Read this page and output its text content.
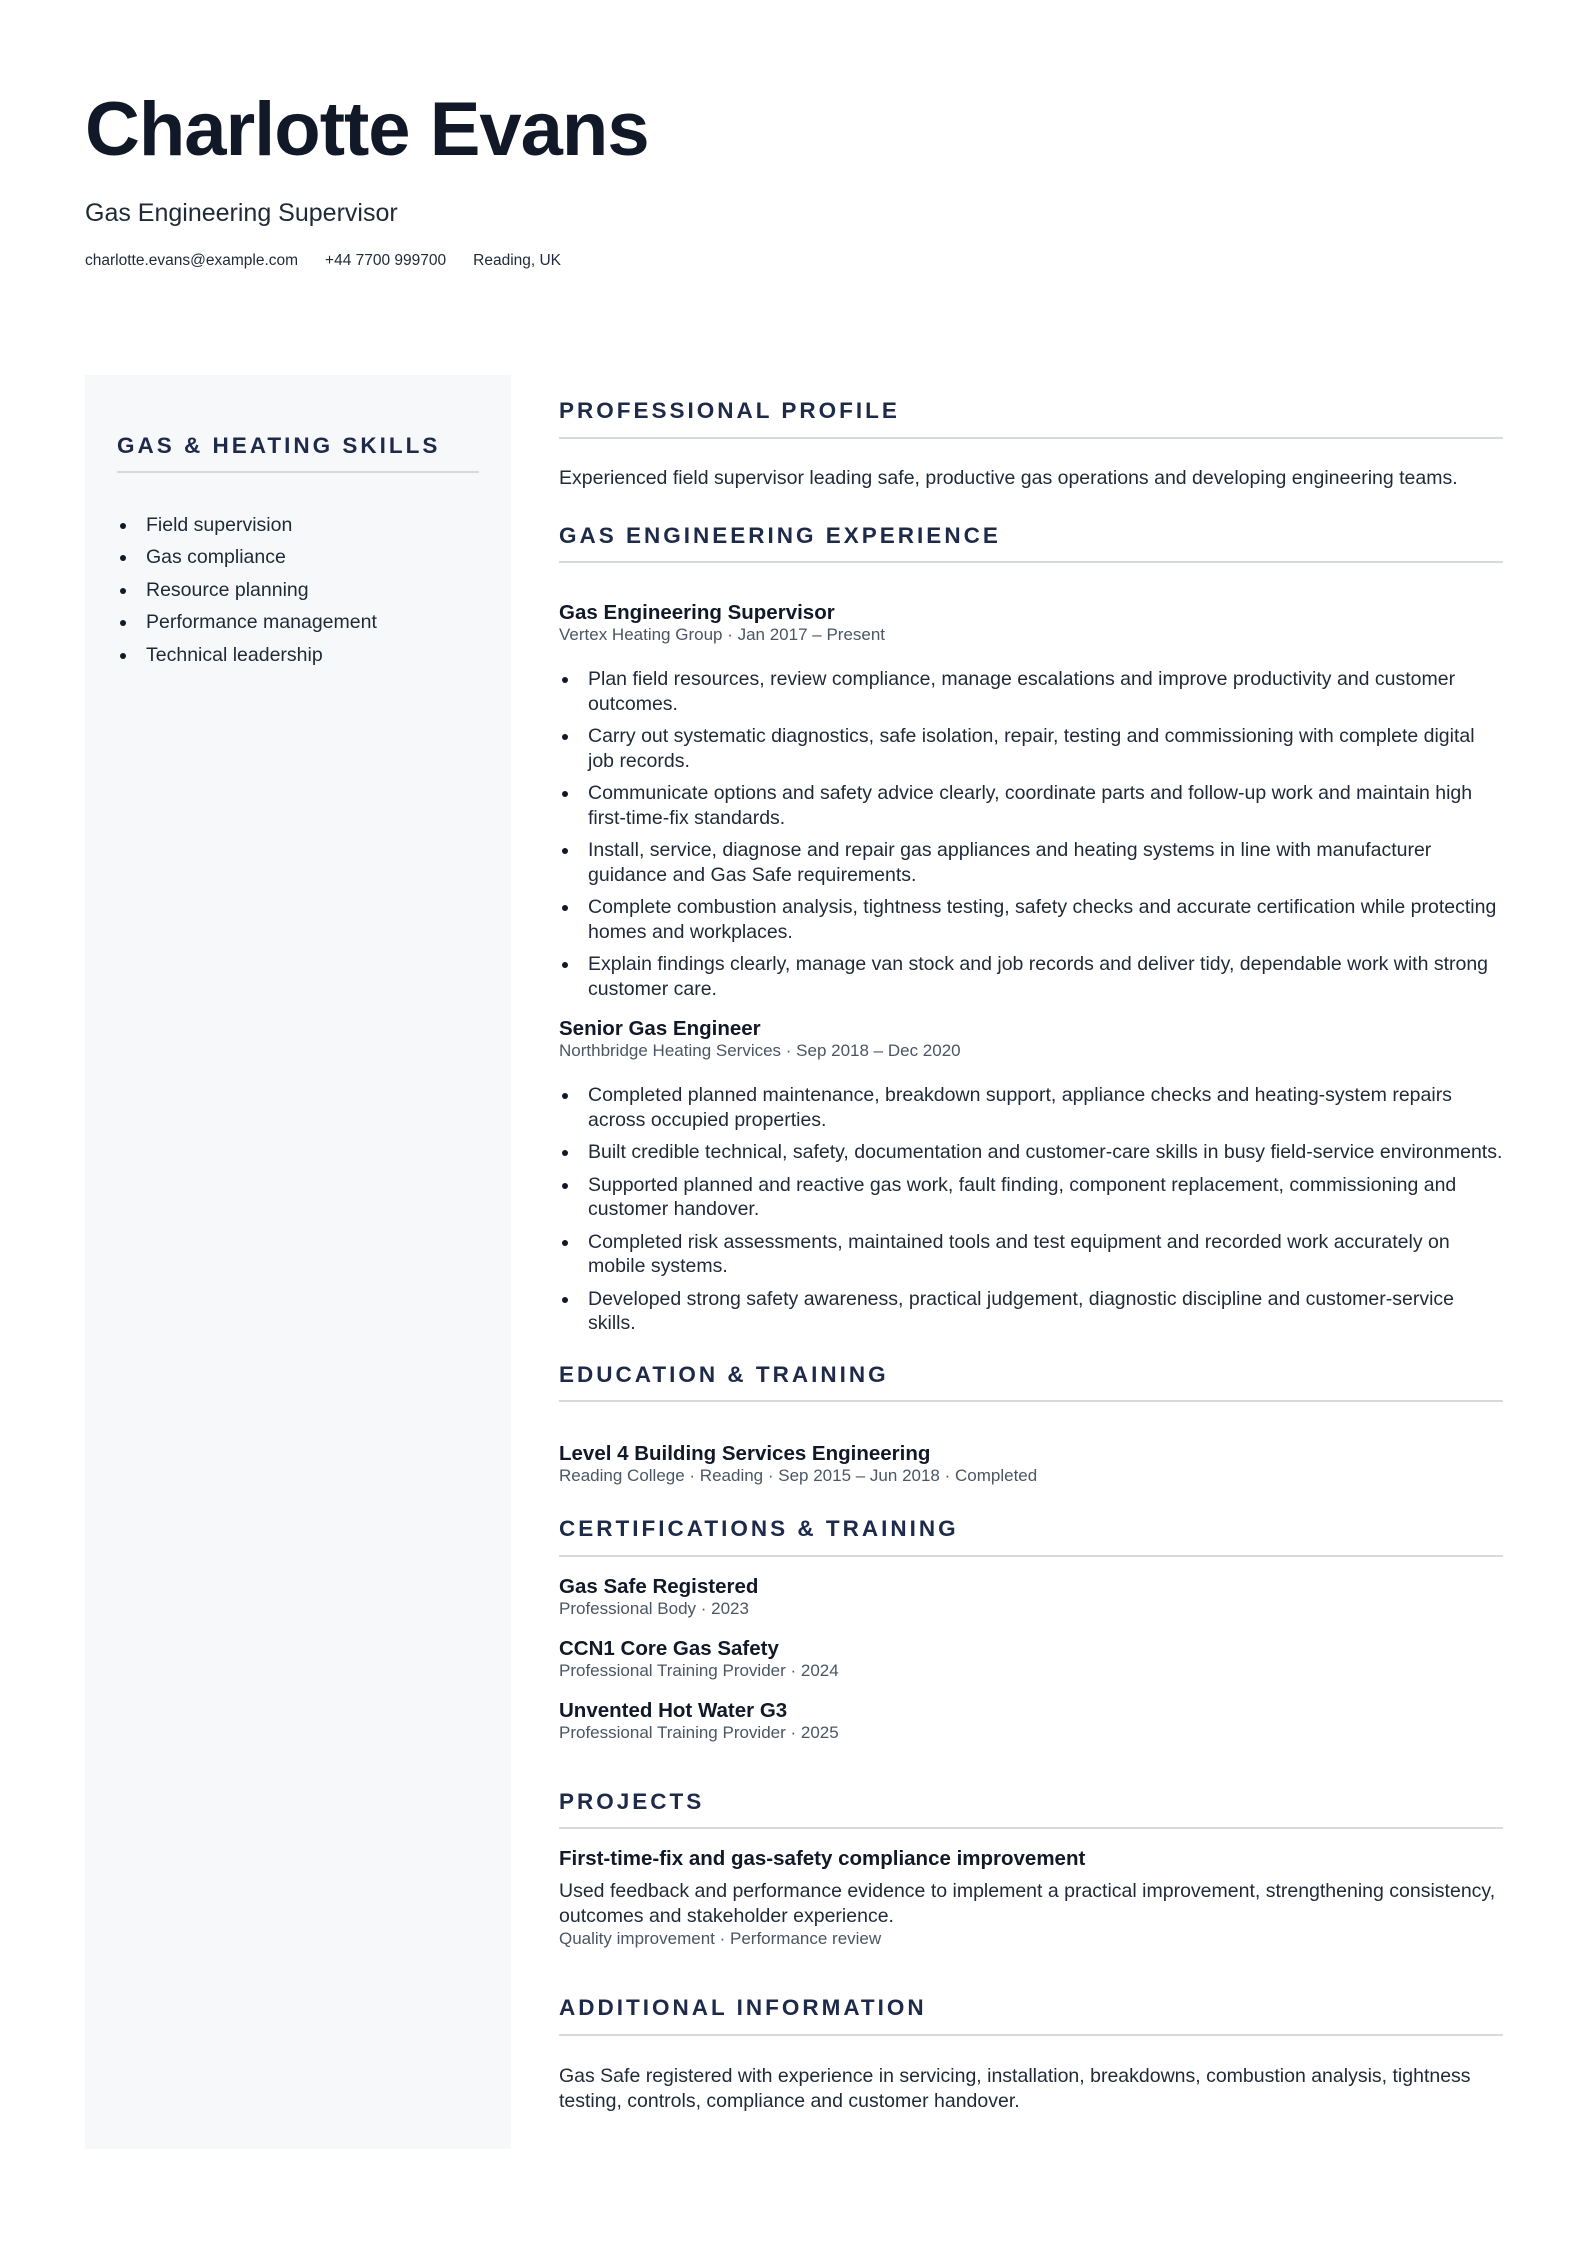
Charlotte Evans
Gas Engineering Supervisor
charlotte.evans@example.com +44 7700 999700 Reading, UK
GAS & HEATING SKILLS
Field supervision
Gas compliance
Resource planning
Performance management
Technical leadership
PROFESSIONAL PROFILE
Experienced field supervisor leading safe, productive gas operations and developing engineering teams.
GAS ENGINEERING EXPERIENCE
Gas Engineering Supervisor
Vertex Heating Group · Jan 2017 – Present
Plan field resources, review compliance, manage escalations and improve productivity and customer outcomes.
Carry out systematic diagnostics, safe isolation, repair, testing and commissioning with complete digital job records.
Communicate options and safety advice clearly, coordinate parts and follow-up work and maintain high first-time-fix standards.
Install, service, diagnose and repair gas appliances and heating systems in line with manufacturer guidance and Gas Safe requirements.
Complete combustion analysis, tightness testing, safety checks and accurate certification while protecting homes and workplaces.
Explain findings clearly, manage van stock and job records and deliver tidy, dependable work with strong customer care.
Senior Gas Engineer
Northbridge Heating Services · Sep 2018 – Dec 2020
Completed planned maintenance, breakdown support, appliance checks and heating-system repairs across occupied properties.
Built credible technical, safety, documentation and customer-care skills in busy field-service environments.
Supported planned and reactive gas work, fault finding, component replacement, commissioning and customer handover.
Completed risk assessments, maintained tools and test equipment and recorded work accurately on mobile systems.
Developed strong safety awareness, practical judgement, diagnostic discipline and customer-service skills.
EDUCATION & TRAINING
Level 4 Building Services Engineering
Reading College · Reading · Sep 2015 – Jun 2018 · Completed
CERTIFICATIONS & TRAINING
Gas Safe Registered
Professional Body · 2023
CCN1 Core Gas Safety
Professional Training Provider · 2024
Unvented Hot Water G3
Professional Training Provider · 2025
PROJECTS
First-time-fix and gas-safety compliance improvement
Used feedback and performance evidence to implement a practical improvement, strengthening consistency, outcomes and stakeholder experience.
Quality improvement · Performance review
ADDITIONAL INFORMATION
Gas Safe registered with experience in servicing, installation, breakdowns, combustion analysis, tightness testing, controls, compliance and customer handover.
